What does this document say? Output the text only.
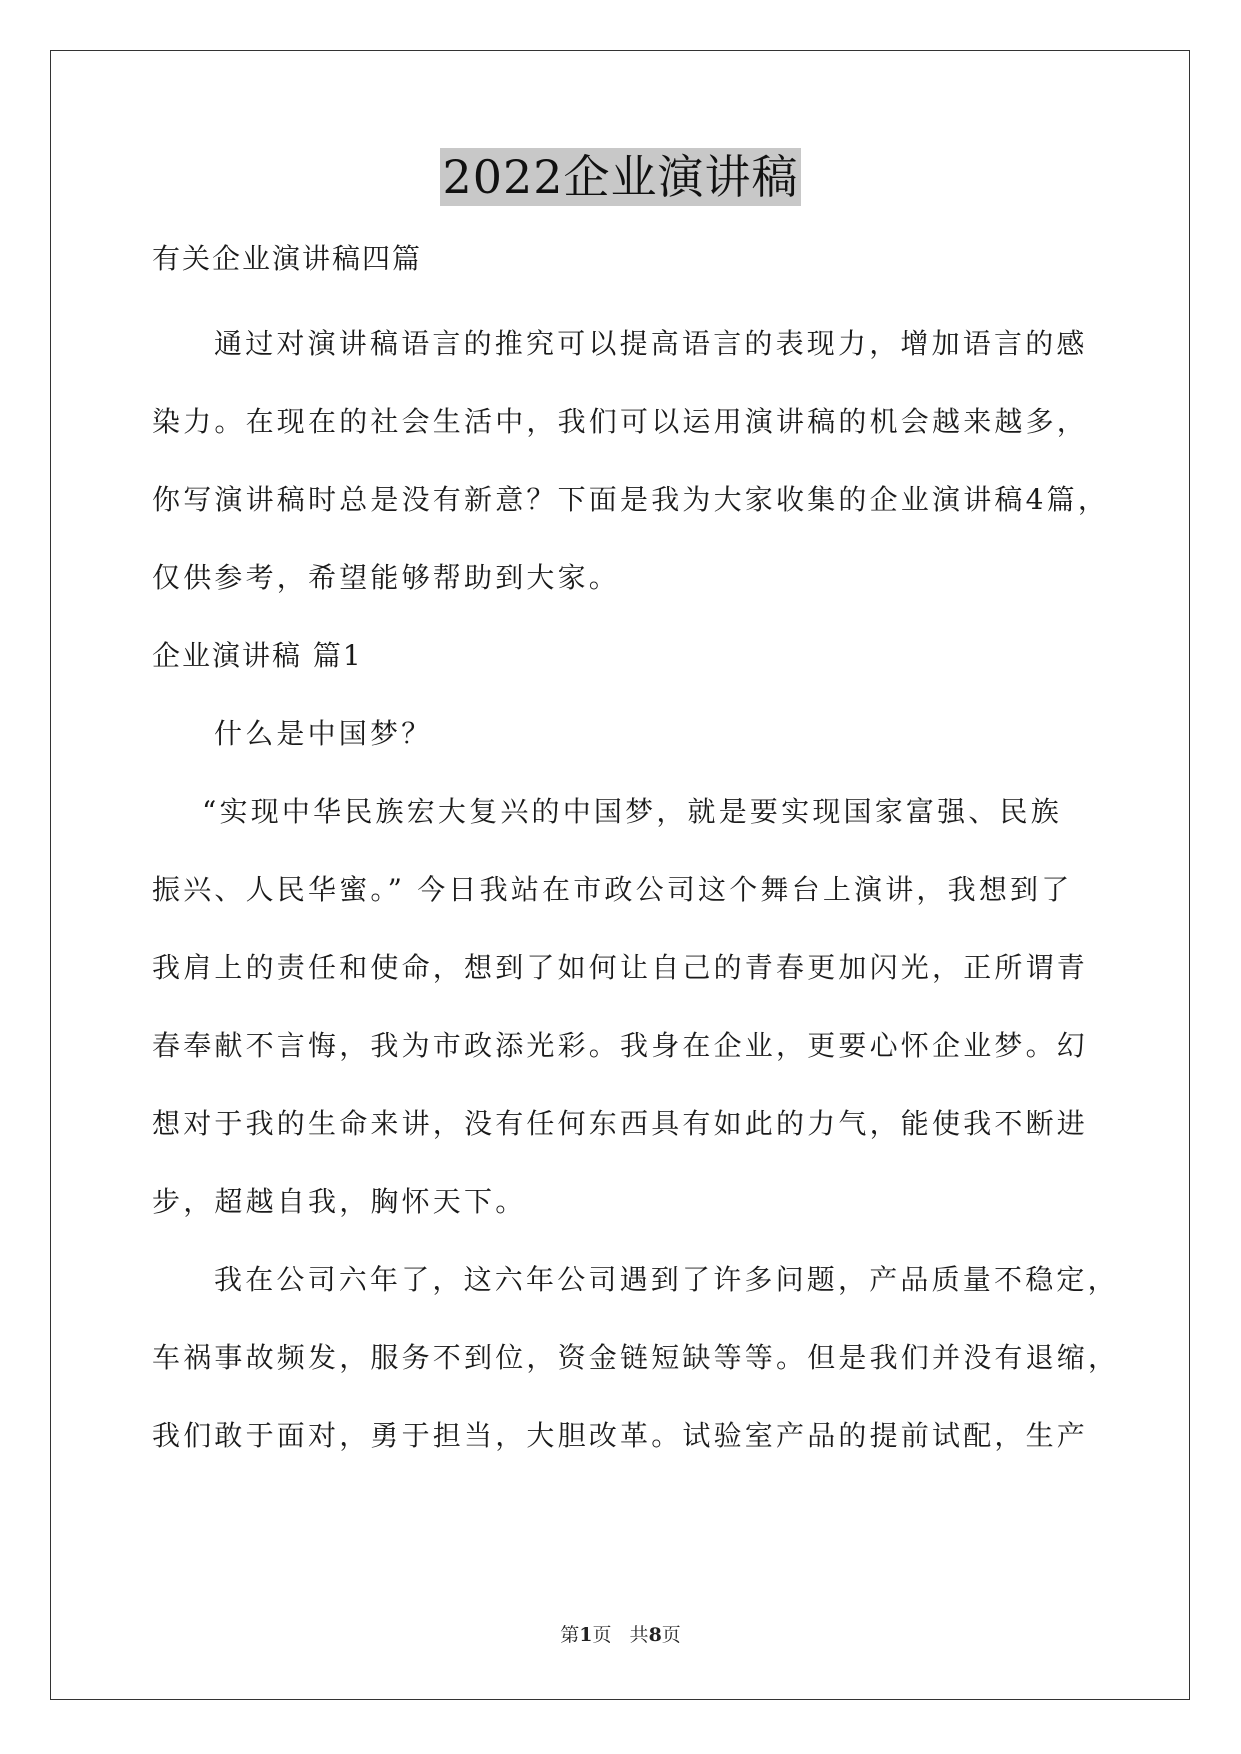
2022企业演讲稿

有关企业演讲稿四篇

通过对演讲稿语言的推究可以提高语言的表现力，增加语言的感
染力。在现在的社会生活中，我们可以运用演讲稿的机会越来越多，
你写演讲稿时总是没有新意？下面是我为大家收集的企业演讲稿4篇，
仅供参考，希望能够帮助到大家。

企业演讲稿 篇1

什么是中国梦？
“实现中华民族宏大复兴的中国梦，就是要实现国家富强、民族
振兴、人民华蜜。” 今日我站在市政公司这个舞台上演讲，我想到了
我肩上的责任和使命，想到了如何让自己的青春更加闪光，正所谓青
春奉献不言悔，我为市政添光彩。我身在企业，更要心怀企业梦。幻
想对于我的生命来讲，没有任何东西具有如此的力气，能使我不断进
步，超越自我，胸怀天下。
我在公司六年了，这六年公司遇到了许多问题，产品质量不稳定，
车祸事故频发，服务不到位，资金链短缺等等。但是我们并没有退缩，
我们敢于面对，勇于担当，大胆改革。试验室产品的提前试配，生产
第1页   共8页
